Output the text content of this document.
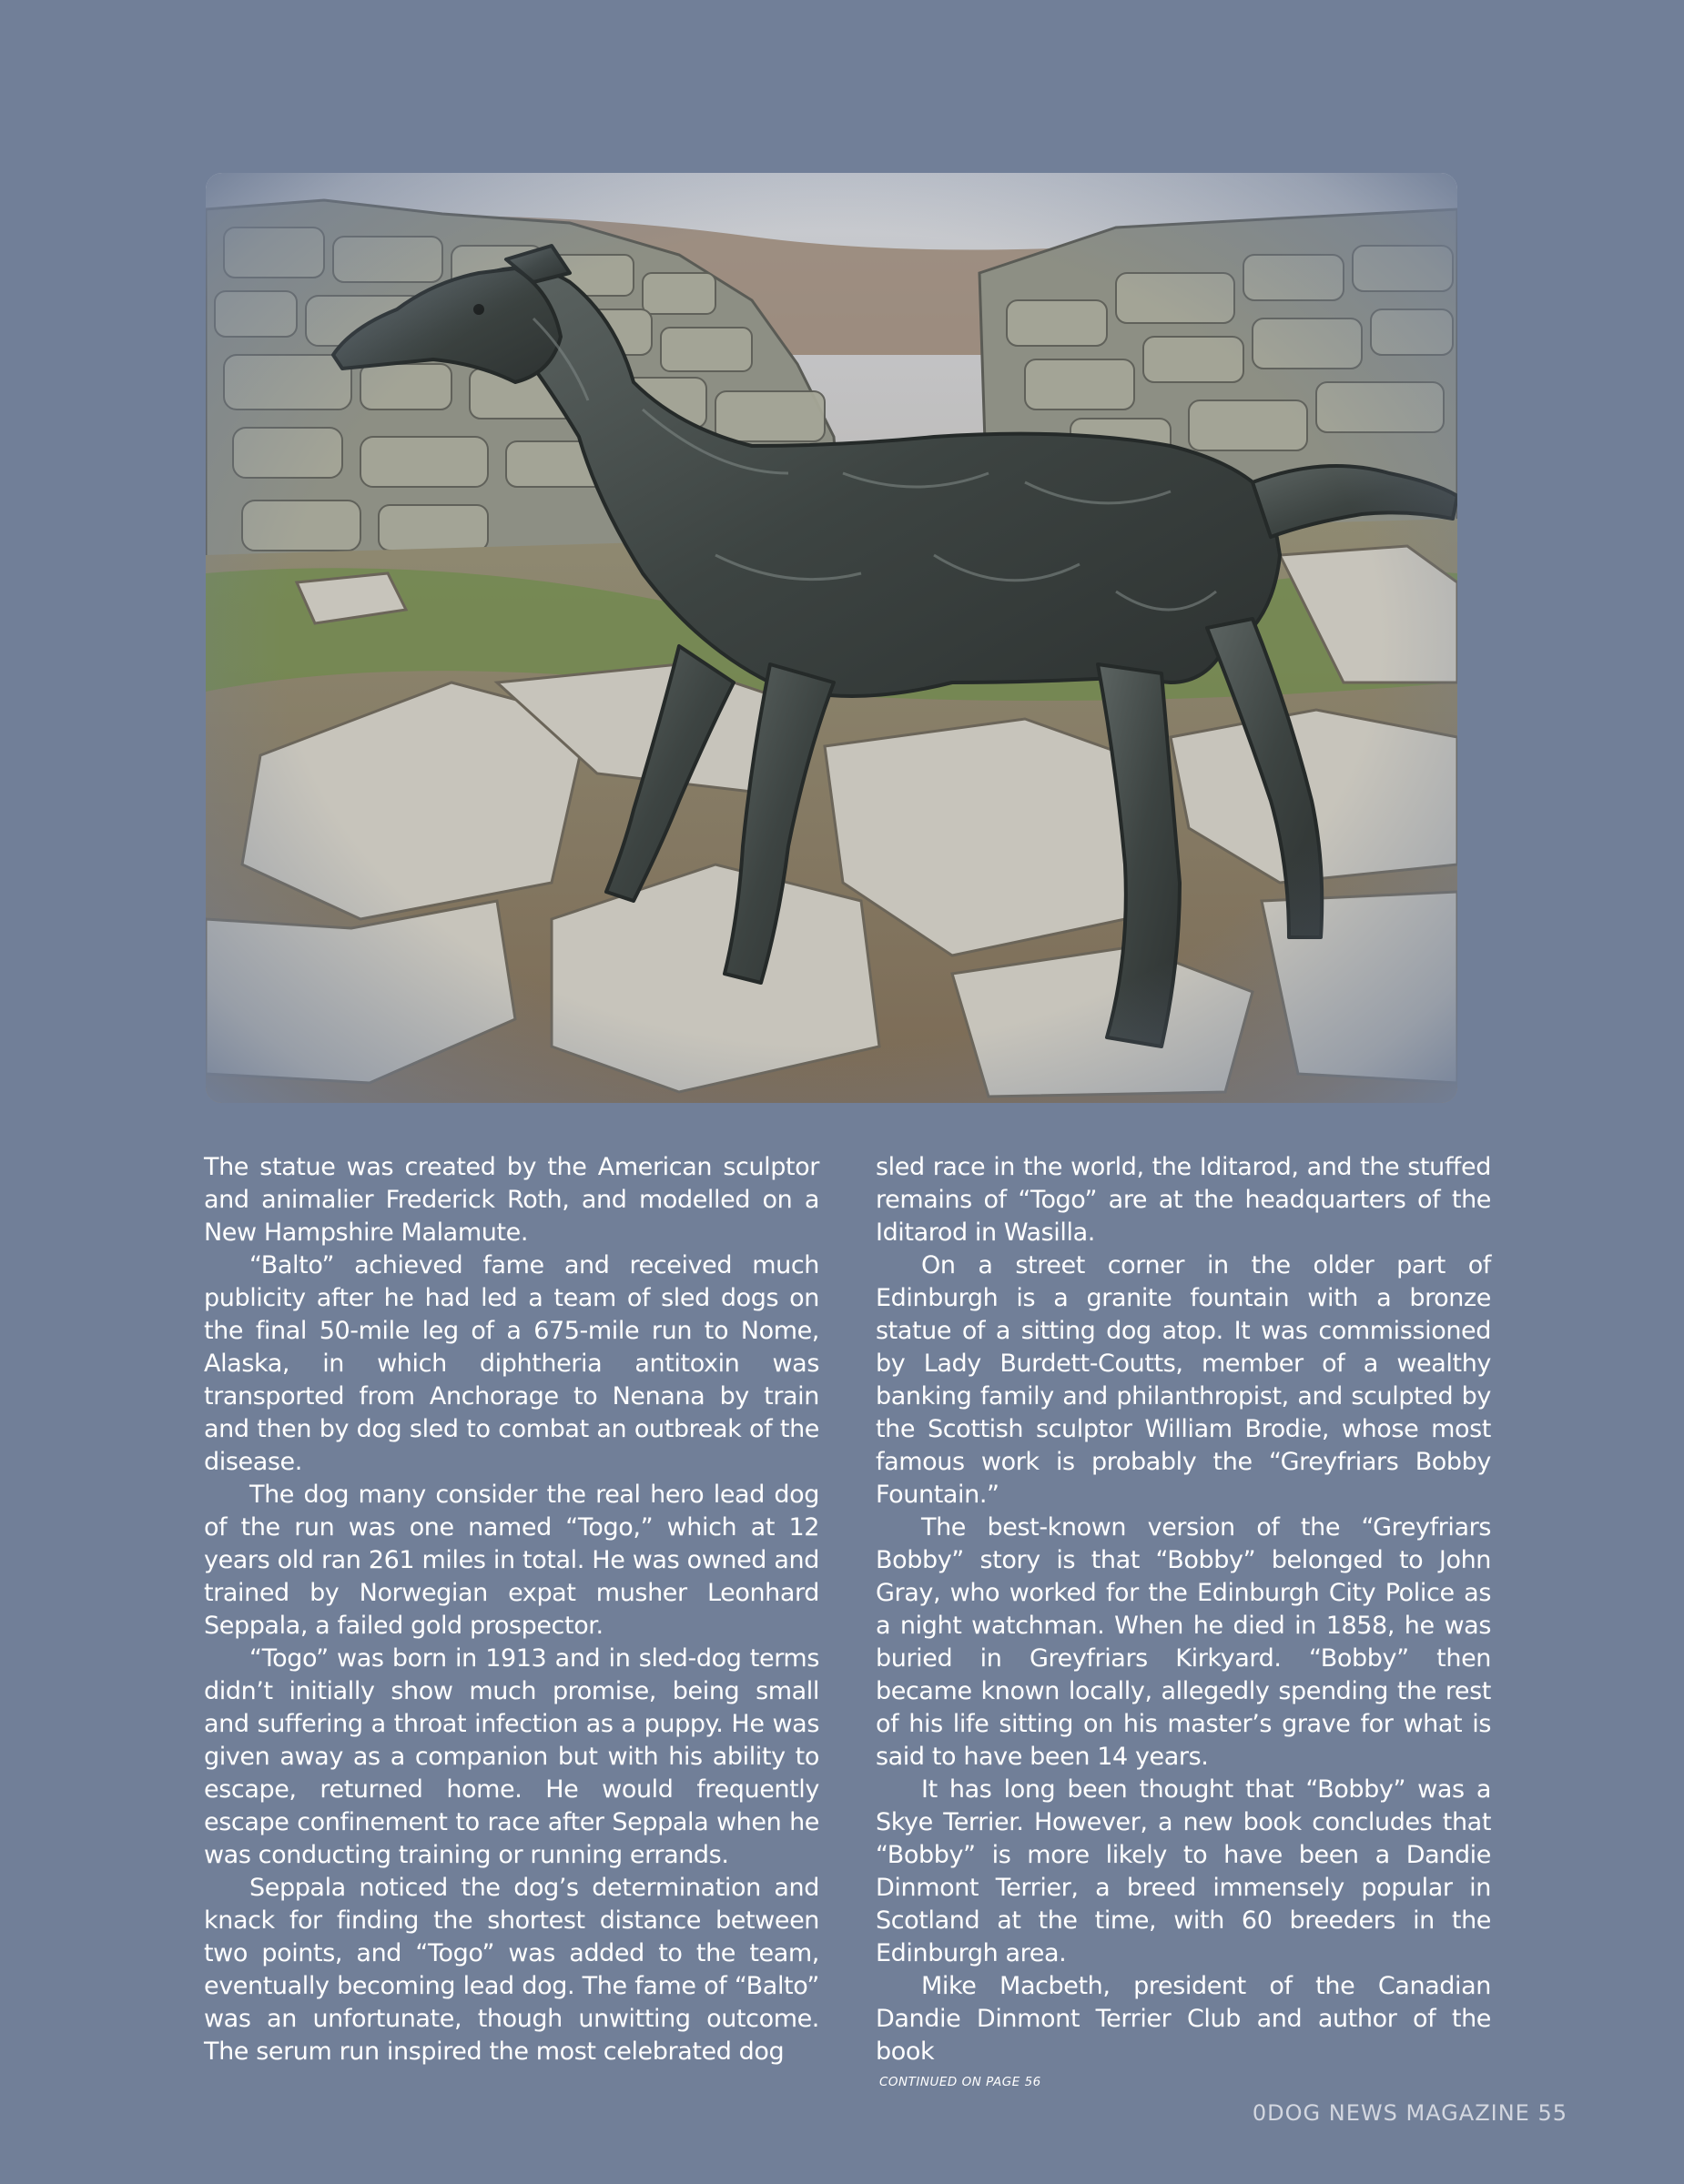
The statue was created by the American sculptor and animalier Frederick Roth, and modelled on a New Hampshire Malamute.

“Balto” achieved fame and received much publicity after he had led a team of sled dogs on the final 50-mile leg of a 675-mile run to Nome, Alaska, in which diphtheria antitoxin was transported from Anchorage to Nenana by train and then by dog sled to combat an outbreak of the disease.

The dog many consider the real hero lead dog of the run was one named “Togo,” which at 12 years old ran 261 miles in total. He was owned and trained by Norwegian expat musher Leonhard Seppala, a failed gold prospector.

“Togo” was born in 1913 and in sled-dog terms didn’t initially show much promise, being small and suffering a throat infection as a puppy. He was given away as a companion but with his ability to escape, returned home. He would frequently escape confinement to race after Seppala when he was conducting training or running errands.

Seppala noticed the dog’s determination and knack for finding the shortest distance between two points, and “Togo” was added to the team, eventually becoming lead dog. The fame of “Balto” was an unfortunate, though unwitting outcome. The serum run inspired the most celebrated dog

sled race in the world, the Iditarod, and the stuffed remains of “Togo” are at the headquarters of the Iditarod in Wasilla.

On a street corner in the older part of Edinburgh is a granite fountain with a bronze statue of a sitting dog atop. It was commissioned by Lady Burdett-Coutts, member of a wealthy banking family and philanthropist, and sculpted by the Scottish sculptor William Brodie, whose most famous work is probably the “Greyfriars Bobby Fountain.”

The best-known version of the “Greyfriars Bobby” story is that “Bobby” belonged to John Gray, who worked for the Edinburgh City Police as a night watchman. When he died in 1858, he was buried in Greyfriars Kirkyard. “Bobby” then became known locally, allegedly spending the rest of his life sitting on his master’s grave for what is said to have been 14 years.

It has long been thought that “Bobby” was a Skye Terrier. However, a new book concludes that “Bobby” is more likely to have been a Dandie Dinmont Terrier, a breed immensely popular in Scotland at the time, with 60 breeders in the Edinburgh area.

Mike Macbeth, president of the Canadian Dandie Dinmont Terrier Club and author of the book

CONTINUED ON PAGE 56
0DOG NEWS MAGAZINE 55
